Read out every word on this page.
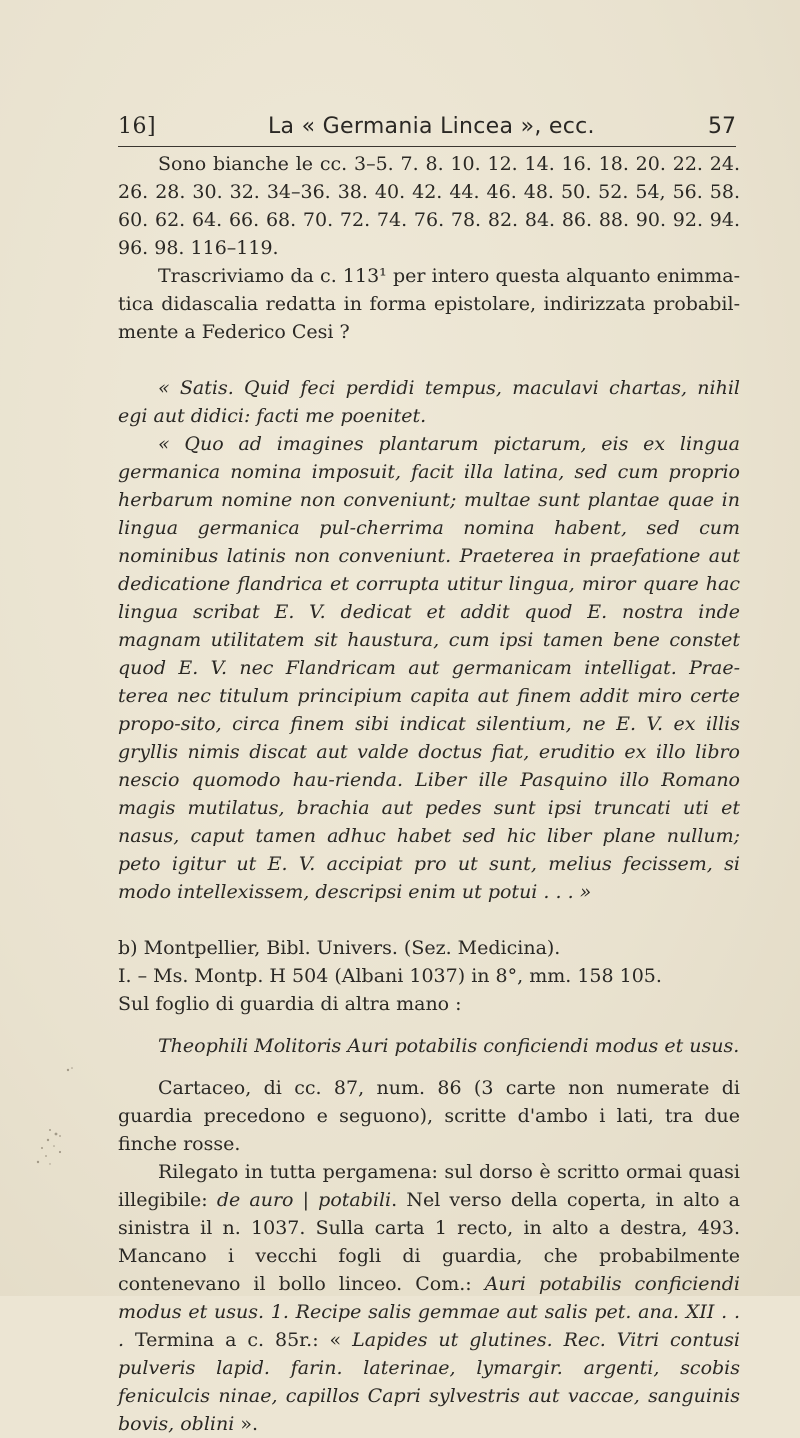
16]	La « Germania Lincea », ecc.	57

Sono bianche le cc. 3–5. 7. 8. 10. 12. 14. 16. 18. 20. 22. 24. 26. 28. 30. 32. 34–36. 38. 40. 42. 44. 46. 48. 50. 52. 54, 56. 58. 60. 62. 64. 66. 68. 70. 72. 74. 76. 78. 82. 84. 86. 88. 90. 92. 94. 96. 98. 116–119.

Trascriviamo da c. 113¹ per intero questa alquanto enimma-tica didascalia redatta in forma epistolare, indirizzata probabil-mente a Federico Cesi ?

« Satis. Quid feci perdidi tempus, maculavi chartas, nihil egi aut didici: facti me poenitet.

« Quo ad imagines plantarum pictarum, eis ex lingua germanica nomina imposuit, facit illa latina, sed cum proprio herbarum nomine non conveniunt; multae sunt plantae quae in lingua germanica pul-cherrima nomina habent, sed cum nominibus latinis non conveniunt. Praeterea in praefatione aut dedicatione flandrica et corrupta utitur lingua, miror quare hac lingua scribat E. V. dedicat et addit quod E. nostra inde magnam utilitatem sit haustura, cum ipsi tamen bene constet quod E. V. nec Flandricam aut germanicam intelligat. Prae-terea nec titulum principium capita aut finem addit miro certe propo-sito, circa finem sibi indicat silentium, ne E. V. ex illis gryllis nimis discat aut valde doctus fiat, eruditio ex illo libro nescio quomodo hau-rienda. Liber ille Pasquino illo Romano magis mutilatus, brachia aut pedes sunt ipsi truncati uti et nasus, caput tamen adhuc habet sed hic liber plane nullum; peto igitur ut E. V. accipiat pro ut sunt, melius fecissem, si modo intellexissem, descripsi enim ut potui . . . »

b) Montpellier, Bibl. Univers. (Sez. Medicina).
I. – Ms. Montp. H 504 (Albani 1037) in 8°, mm. 158 105.
Sul foglio di guardia di altra mano :

Theophili Molitoris Auri potabilis conficiendi modus et usus.

Cartaceo, di cc. 87, num. 86 (3 carte non numerate di guardia precedono e seguono), scritte d'ambo i lati, tra due finche rosse.

Rilegato in tutta pergamena: sul dorso è scritto ormai quasi illegibile: de auro | potabili. Nel verso della coperta, in alto a sinistra il n. 1037. Sulla carta 1 recto, in alto a destra, 493. Mancano i vecchi fogli di guardia, che probabilmente contenevano il bollo linceo. Com.: Auri potabilis conficiendi modus et usus. 1. Recipe salis gemmae aut salis pet. ana. XII . . . Termina a c. 85r.: « Lapides ut glutines. Rec. Vitri contusi pulveris lapid. farin. laterinae, lymargir. argenti, scobis feniculcis ninae, capillos Capri sylvestris aut vaccae, sanguinis bovis, oblini ».
